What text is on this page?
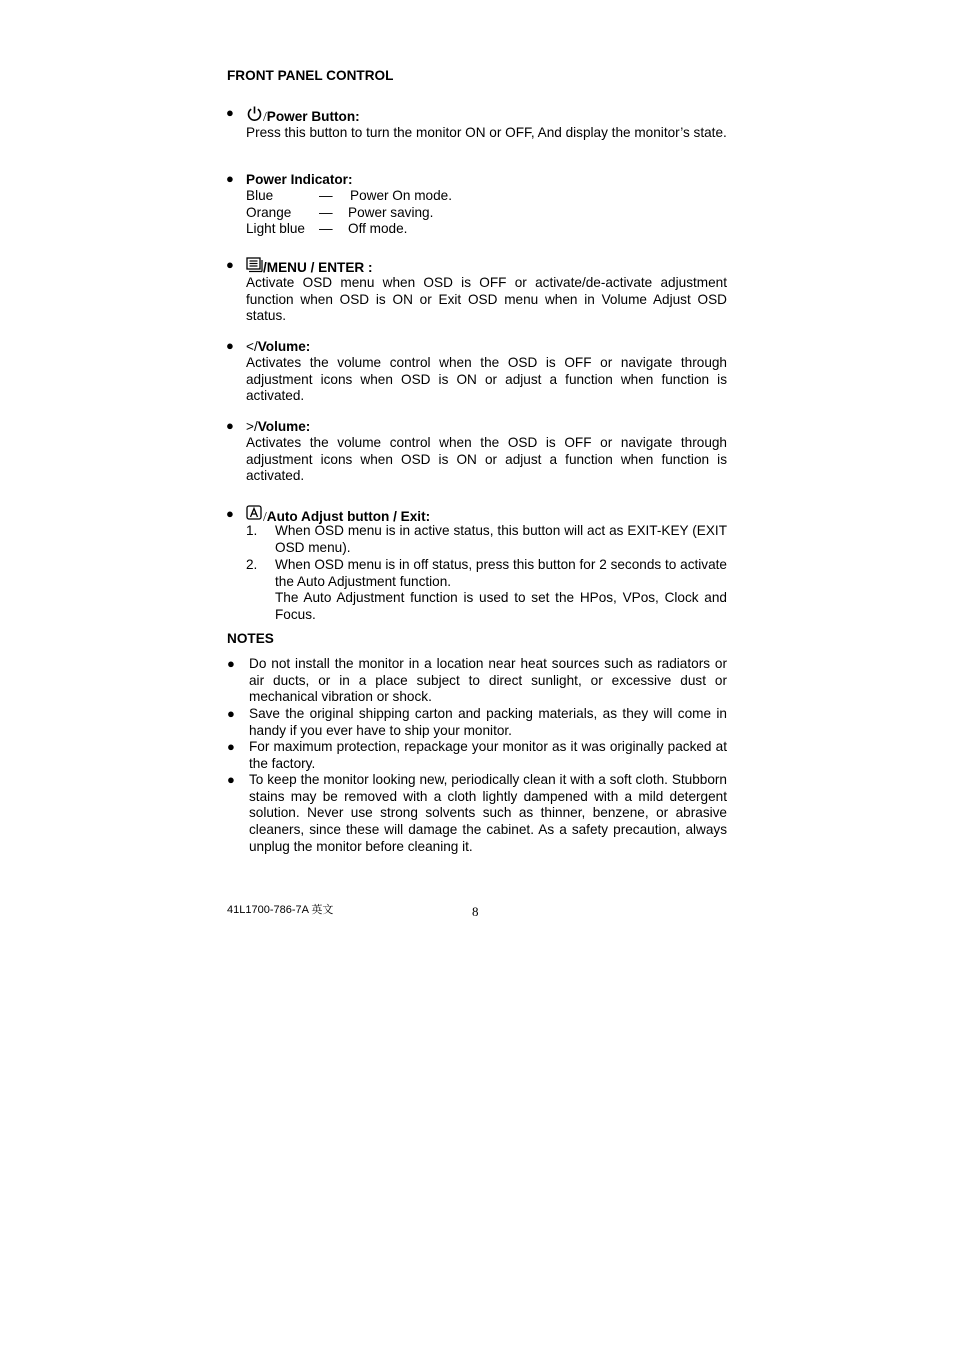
FRONT PANEL CONTROL
●	/Power Button:
Press this button to turn the monitor ON or OFF, And display the monitor’s state.
● Power Indicator:
Blue	— Power On mode.
Orange — Power saving.
Light blue — Off mode.
●	/MENU / ENTER :
Activate OSD menu when OSD is OFF or activate/de-activate adjustment function when OSD is ON or Exit OSD menu when in Volume Adjust OSD status.
● </Volume:
Activates the volume control when the OSD is OFF or navigate through adjustment icons when OSD is ON or adjust a function when function is activated.
● >/Volume:
Activates the volume control when the OSD is OFF or navigate through adjustment icons when OSD is ON or adjust a function when function is activated.
●	/Auto Adjust button / Exit:
1. When OSD menu is in active status, this button will act as EXIT-KEY (EXIT OSD menu).
2. When OSD menu is in off status, press this button for 2 seconds to activate the Auto Adjustment function.
The Auto Adjustment function is used to set the HPos, VPos, Clock and Focus.
NOTES
● Do not install the monitor in a location near heat sources such as radiators or air ducts, or in a place subject to direct sunlight, or excessive dust or mechanical vibration or shock.
● Save the original shipping carton and packing materials, as they will come in handy if you ever have to ship your monitor.
● For maximum protection, repackage your monitor as it was originally packed at the factory.
● To keep the monitor looking new, periodically clean it with a soft cloth. Stubborn stains may be removed with a cloth lightly dampened with a mild detergent solution. Never use strong solvents such as thinner, benzene, or abrasive cleaners, since these will damage the cabinet. As a safety precaution, always unplug the monitor before cleaning it.
41L1700-786-7A 英文	8
